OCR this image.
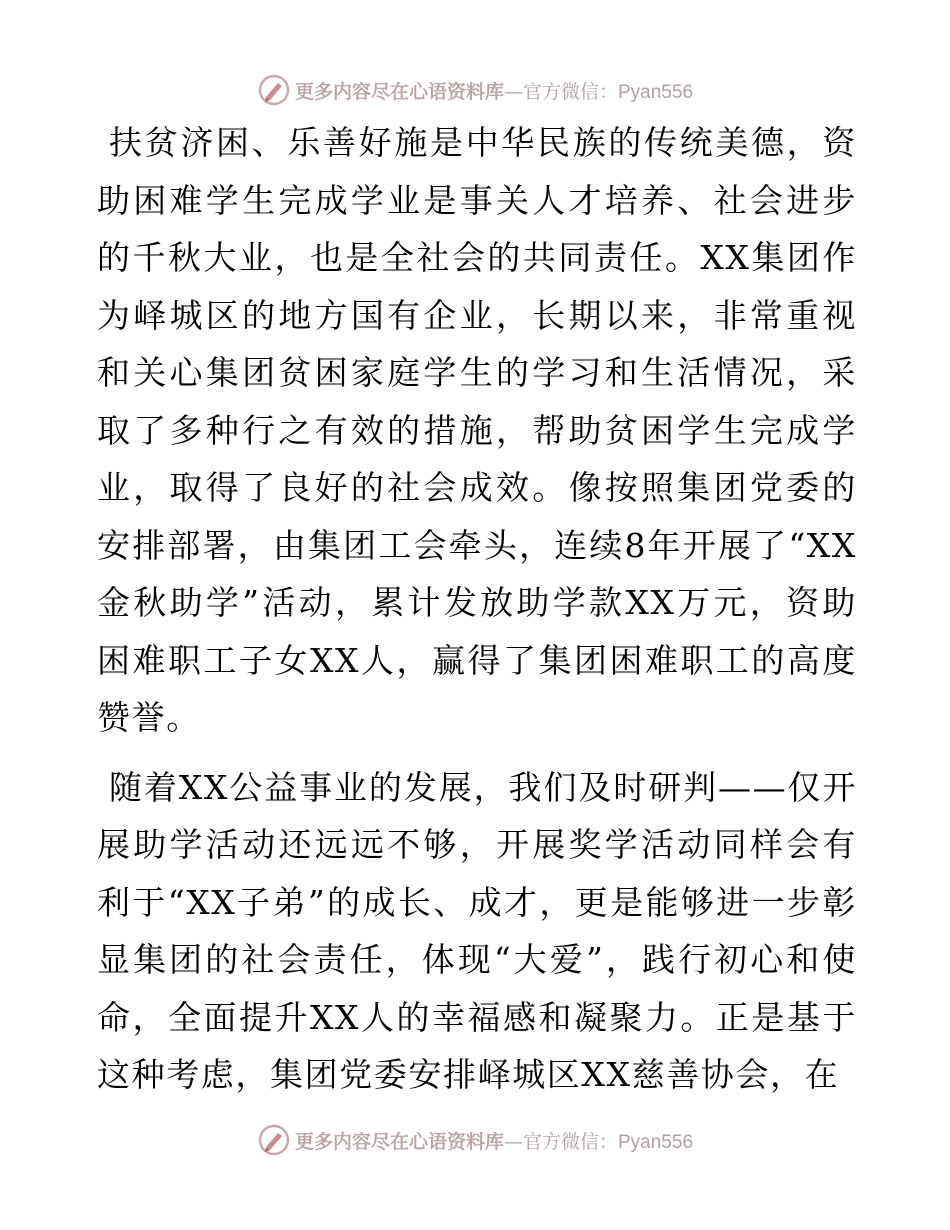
更多内容尽在心语资料库—官方微信：Pyan556

扶贫济困、乐善好施是中华民族的传统美德，资助困难学生完成学业是事关人才培养、社会进步的千秋大业，也是全社会的共同责任。XX集团作为峄城区的地方国有企业，长期以来，非常重视和关心集团贫困家庭学生的学习和生活情况，采取了多种行之有效的措施，帮助贫困学生完成学业，取得了良好的社会成效。像按照集团党委的安排部署，由集团工会牵头，连续8年开展了“XX金秋助学”活动，累计发放助学款XX万元，资助困难职工子女XX人，赢得了集团困难职工的高度赞誉。

随着XX公益事业的发展，我们及时研判——仅开展助学活动还远远不够，开展奖学活动同样会有利于“XX子弟”的成长、成才，更是能够进一步彰显集团的社会责任，体现“大爱”，践行初心和使命，全面提升XX人的幸福感和凝聚力。正是基于这种考虑，集团党委安排峄城区XX慈善协会，在

更多内容尽在心语资料库—官方微信：Pyan556
